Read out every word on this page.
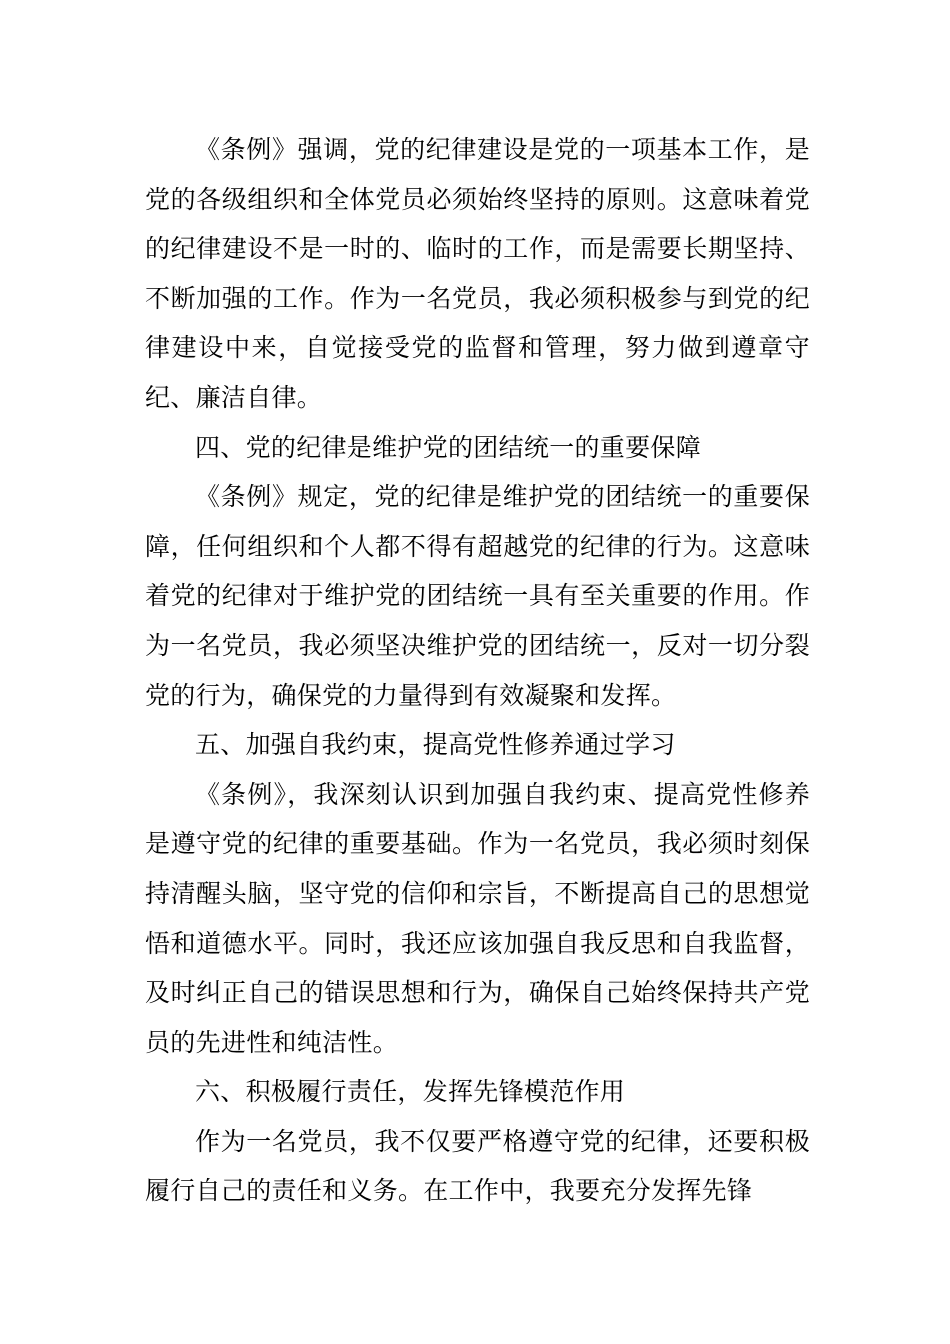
《条例》强调，党的纪律建设是党的一项基本工作，是党的各级组织和全体党员必须始终坚持的原则。这意味着党的纪律建设不是一时的、临时的工作，而是需要长期坚持、不断加强的工作。作为一名党员，我必须积极参与到党的纪律建设中来，自觉接受党的监督和管理，努力做到遵章守纪、廉洁自律。

四、党的纪律是维护党的团结统一的重要保障

《条例》规定，党的纪律是维护党的团结统一的重要保障，任何组织和个人都不得有超越党的纪律的行为。这意味着党的纪律对于维护党的团结统一具有至关重要的作用。作为一名党员，我必须坚决维护党的团结统一，反对一切分裂党的行为，确保党的力量得到有效凝聚和发挥。

五、加强自我约束，提高党性修养通过学习

《条例》，我深刻认识到加强自我约束、提高党性修养是遵守党的纪律的重要基础。作为一名党员，我必须时刻保持清醒头脑，坚守党的信仰和宗旨，不断提高自己的思想觉悟和道德水平。同时，我还应该加强自我反思和自我监督，及时纠正自己的错误思想和行为，确保自己始终保持共产党员的先进性和纯洁性。

六、积极履行责任，发挥先锋模范作用

作为一名党员，我不仅要严格遵守党的纪律，还要积极履行自己的责任和义务。在工作中，我要充分发挥先锋
